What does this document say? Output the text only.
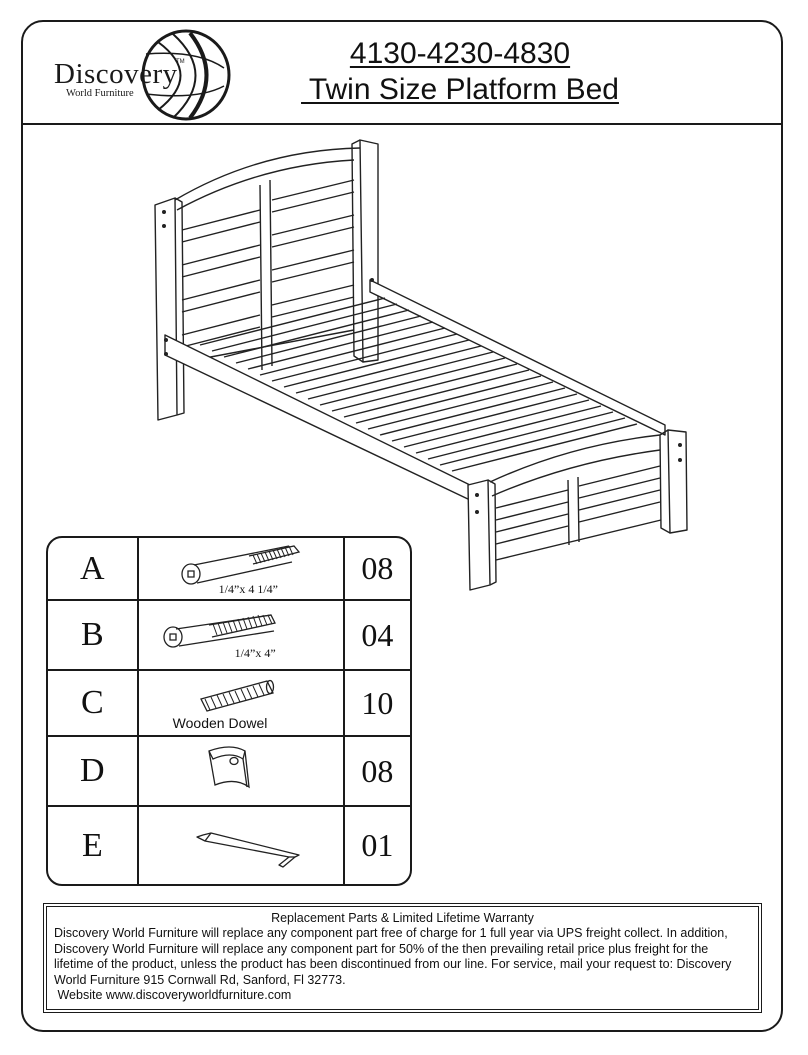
Discovery
TM
World Furniture
4130-4230-4830
Twin Size Platform Bed
A	1/4”x 4 1/4”	08
B	1/4”x 4”	04
C	Wooden Dowel	10
D		08
E		01
Replacement Parts & Limited Lifetime Warranty
Discovery World Furniture will replace any component part free of charge for 1 full year via UPS freight collect. In addition, Discovery World Furniture will replace any component part for 50% of the then prevailing retail price plus freight for the lifetime of the product, unless the product has been discontinued from our line. For service, mail your request to: Discovery World Furniture 915 Cornwall Rd, Sanford, Fl 32773.
Website www.discoveryworldfurniture.com
